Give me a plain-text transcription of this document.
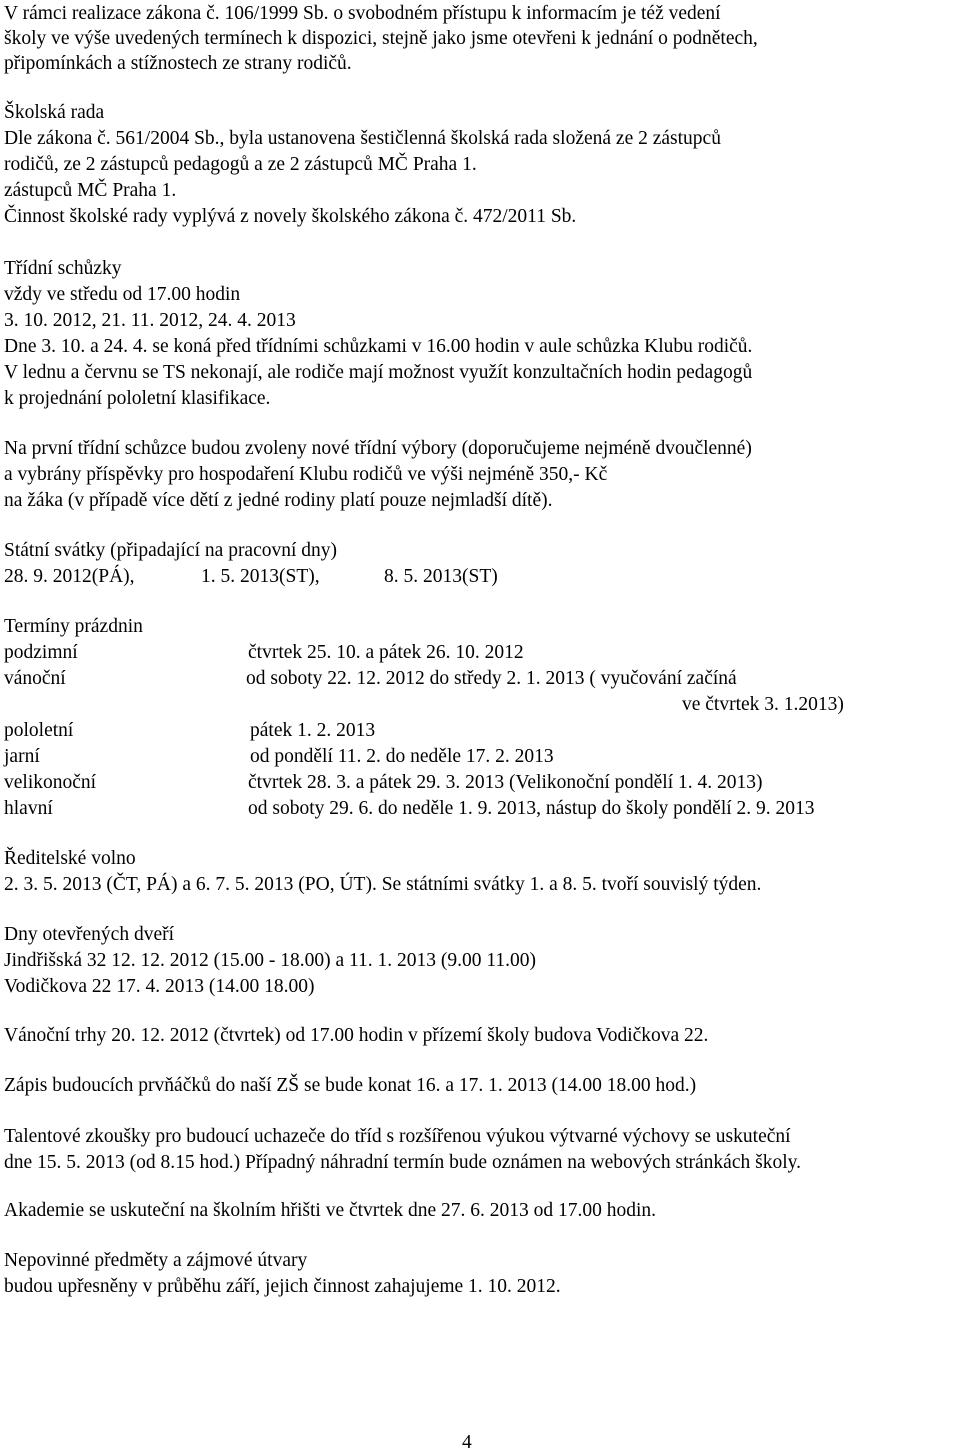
V rámci realizace zákona č. 106/1999 Sb. o svobodném přístupu k informacím je též vedení
školy ve výše uvedených termínech k dispozici, stejně jako jsme otevřeni k jednání o podnětech,
připomínkách a stížnostech ze strany rodičů.
Školská rada
Dle zákona č. 561/2004 Sb., byla ustanovena šestičlenná školská rada složená ze 2 zástupců
rodičů, ze 2 zástupců pedagogů a ze 2 zástupců MČ Praha 1.
zástupců MČ Praha 1.
Činnost školské rady vyplývá z novely školského zákona č. 472/2011 Sb.
Třídní schůzky
vždy ve středu od 17.00 hodin
3. 10. 2012, 21. 11. 2012, 24. 4. 2013
Dne 3. 10. a 24. 4. se koná před třídními schůzkami v 16.00 hodin v aule schůzka Klubu rodičů.
V lednu a červnu se TS nekonají, ale rodiče mají možnost využít konzultačních hodin pedagogů
k projednání pololetní klasifikace.
Na první třídní schůzce budou zvoleny nové třídní výbory (doporučujeme nejméně dvoučlenné)
a vybrány příspěvky pro hospodaření Klubu rodičů ve výši nejméně 350,- Kč
na žáka (v případě více dětí z jedné rodiny platí pouze nejmladší dítě).
Státní svátky (připadající na pracovní dny)
28. 9. 2012(PÁ),	1. 5. 2013(ST),	8. 5. 2013(ST)
Termíny prázdnin
podzimní	čtvrtek 25. 10. a pátek 26. 10. 2012
vánoční	od soboty 22. 12. 2012 do středy 2. 1. 2013 ( vyučování začíná
ve čtvrtek 3. 1.2013)
pololetní	pátek 1. 2. 2013
jarní	od pondělí 11. 2. do neděle 17. 2. 2013
velikonoční	čtvrtek 28. 3. a pátek 29. 3. 2013 (Velikonoční pondělí 1. 4. 2013)
hlavní	od soboty 29. 6. do neděle 1. 9. 2013, nástup do školy pondělí 2. 9. 2013
Ředitelské volno
2. 3. 5. 2013 (ČT, PÁ) a 6. 7. 5. 2013 (PO, ÚT). Se státními svátky 1. a 8. 5. tvoří souvislý týden.
Dny otevřených dveří
Jindřišská 32 12. 12. 2012 (15.00 - 18.00) a 11. 1. 2013 (9.00 11.00)
Vodičkova 22 17. 4. 2013 (14.00 18.00)
Vánoční trhy 20. 12. 2012 (čtvrtek) od 17.00 hodin v přízemí školy budova Vodičkova 22.
Zápis budoucích prvňáčků do naší ZŠ se bude konat 16. a 17. 1. 2013 (14.00 18.00 hod.)
Talentové zkoušky pro budoucí uchazeče do tříd s rozšířenou výukou výtvarné výchovy se uskuteční
dne 15. 5. 2013 (od 8.15 hod.) Případný náhradní termín bude oznámen na webových stránkách školy.
Akademie se uskuteční na školním hřišti ve čtvrtek dne 27. 6. 2013 od 17.00 hodin.
Nepovinné předměty a zájmové útvary
budou upřesněny v průběhu září, jejich činnost zahajujeme 1. 10. 2012.
4
